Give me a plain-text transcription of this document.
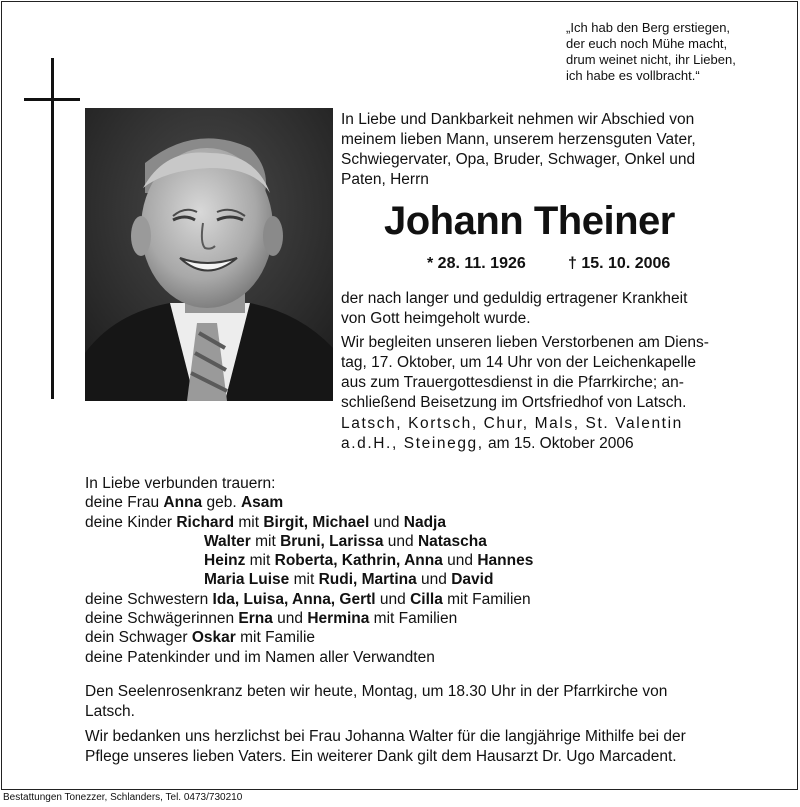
„Ich hab den Berg erstiegen,
der euch noch Mühe macht,
drum weinet nicht, ihr Lieben,
ich habe es vollbracht.“
In Liebe und Dankbarkeit nehmen wir Abschied von
meinem lieben Mann, unserem herzensguten Vater,
Schwiegervater, Opa, Bruder, Schwager, Onkel und
Paten, Herrn
Johann Theiner
* 28. 11. 1926	† 15. 10. 2006
der nach langer und geduldig ertragener Krankheit
von Gott heimgeholt wurde.
Wir begleiten unseren lieben Verstorbenen am Diens-
tag, 17. Oktober, um 14 Uhr von der Leichenkapelle
aus zum Trauergottesdienst in die Pfarrkirche; an-
schließend Beisetzung im Ortsfriedhof von Latsch.
Latsch, Kortsch, Chur, Mals, St. Valentin
a.d.H., Steinegg, am 15. Oktober 2006
In Liebe verbunden trauern:
deine Frau Anna geb. Asam
deine Kinder Richard mit Birgit, Michael und Nadja
Walter mit Bruni, Larissa und Natascha
Heinz mit Roberta, Kathrin, Anna und Hannes
Maria Luise mit Rudi, Martina und David
deine Schwestern Ida, Luisa, Anna, Gertl und Cilla mit Familien
deine Schwägerinnen Erna und Hermina mit Familien
dein Schwager Oskar mit Familie
deine Patenkinder und im Namen aller Verwandten
Den Seelenrosenkranz beten wir heute, Montag, um 18.30 Uhr in der Pfarrkirche von
Latsch.
Wir bedanken uns herzlichst bei Frau Johanna Walter für die langjährige Mithilfe bei der
Pflege unseres lieben Vaters. Ein weiterer Dank gilt dem Hausarzt Dr. Ugo Marcadent.
Bestattungen Tonezzer, Schlanders, Tel. 0473/730210
